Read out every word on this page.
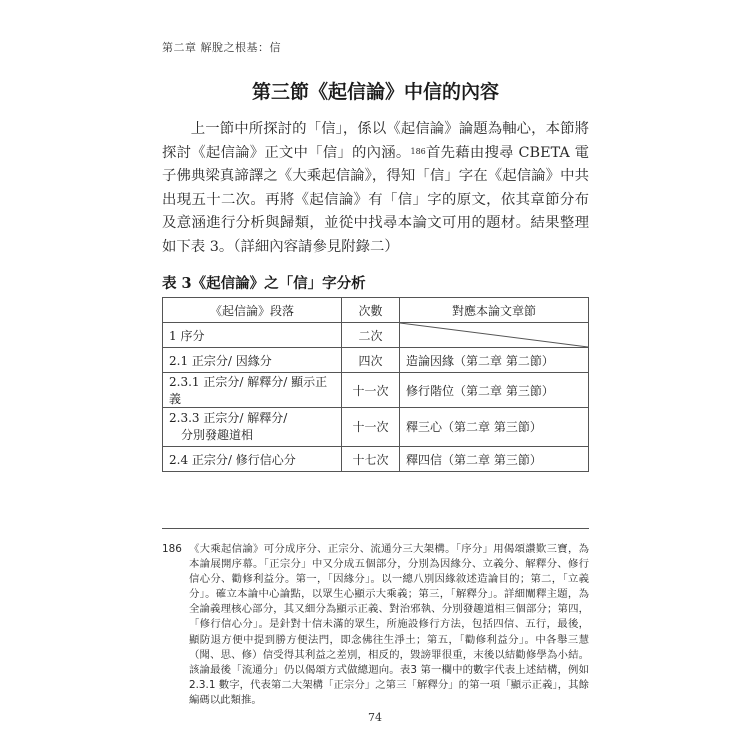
第二章 解脫之根基：信
第三節《起信論》中信的內容

上一節中所探討的「信」，係以《起信論》論題為軸心，本節將探討《起信論》正文中「信」的內涵。$^{186}$首先藉由搜尋 CBETA 電子佛典梁真諦譯之《大乘起信論》，得知「信」字在《起信論》中共出現五十二次。再將《起信論》有「信」字的原文，依其章節分布及意涵進行分析與歸類，並從中找尋本論文可用的題材。結果整理如下表 3。（詳細內容請參見附錄二）

表 3《起信論》之「信」字分析
《起信論》段落	次數	對應本論文章節
1 序分	二次	

2.1 正宗分/ 因緣分	四次	造論因緣（第二章 第二節）
2.3.1 正宗分/ 解釋分/ 顯示正義	十一次	修行階位（第二章 第三節）
2.3.3 正宗分/ 解釋分/
分別發趣道相	十一次	釋三心（第二章 第三節）
2.4 正宗分/ 修行信心分	十七次	釋四信（第二章 第三節）
186 《大乘起信論》可分成序分、正宗分、流通分三大架構。「序分」用偈頌讚歎三寶，為本論展開序幕。「正宗分」中又分成五個部分，分別為因緣分、立義分、解釋分、修行信心分、勸修利益分。第一，「因緣分」。以一總八別因緣敘述造論目的；第二，「立義分」。確立本論中心論點，以眾生心顯示大乘義；第三，「解釋分」。詳細闡釋主題，為全論義理核心部分，其又細分為顯示正義、對治邪執、分別發趣道相三個部分；第四，「修行信心分」。是針對十信未滿的眾生，所施設修行方法，包括四信、五行，最後，顯防退方便中提到勝方便法門，即念佛往生淨土；第五，「勸修利益分」。中各舉三慧（聞、思、修）信受得其利益之差別，相反的，毀謗罪很重，末後以結勸修學為小結。該論最後「流通分」仍以偈頌方式做總迴向。表3 第一欄中的數字代表上述結構，例如2.3.1 數字，代表第二大架構「正宗分」之第三「解釋分」的第一項「顯示正義」，其餘編碼以此類推。
74
